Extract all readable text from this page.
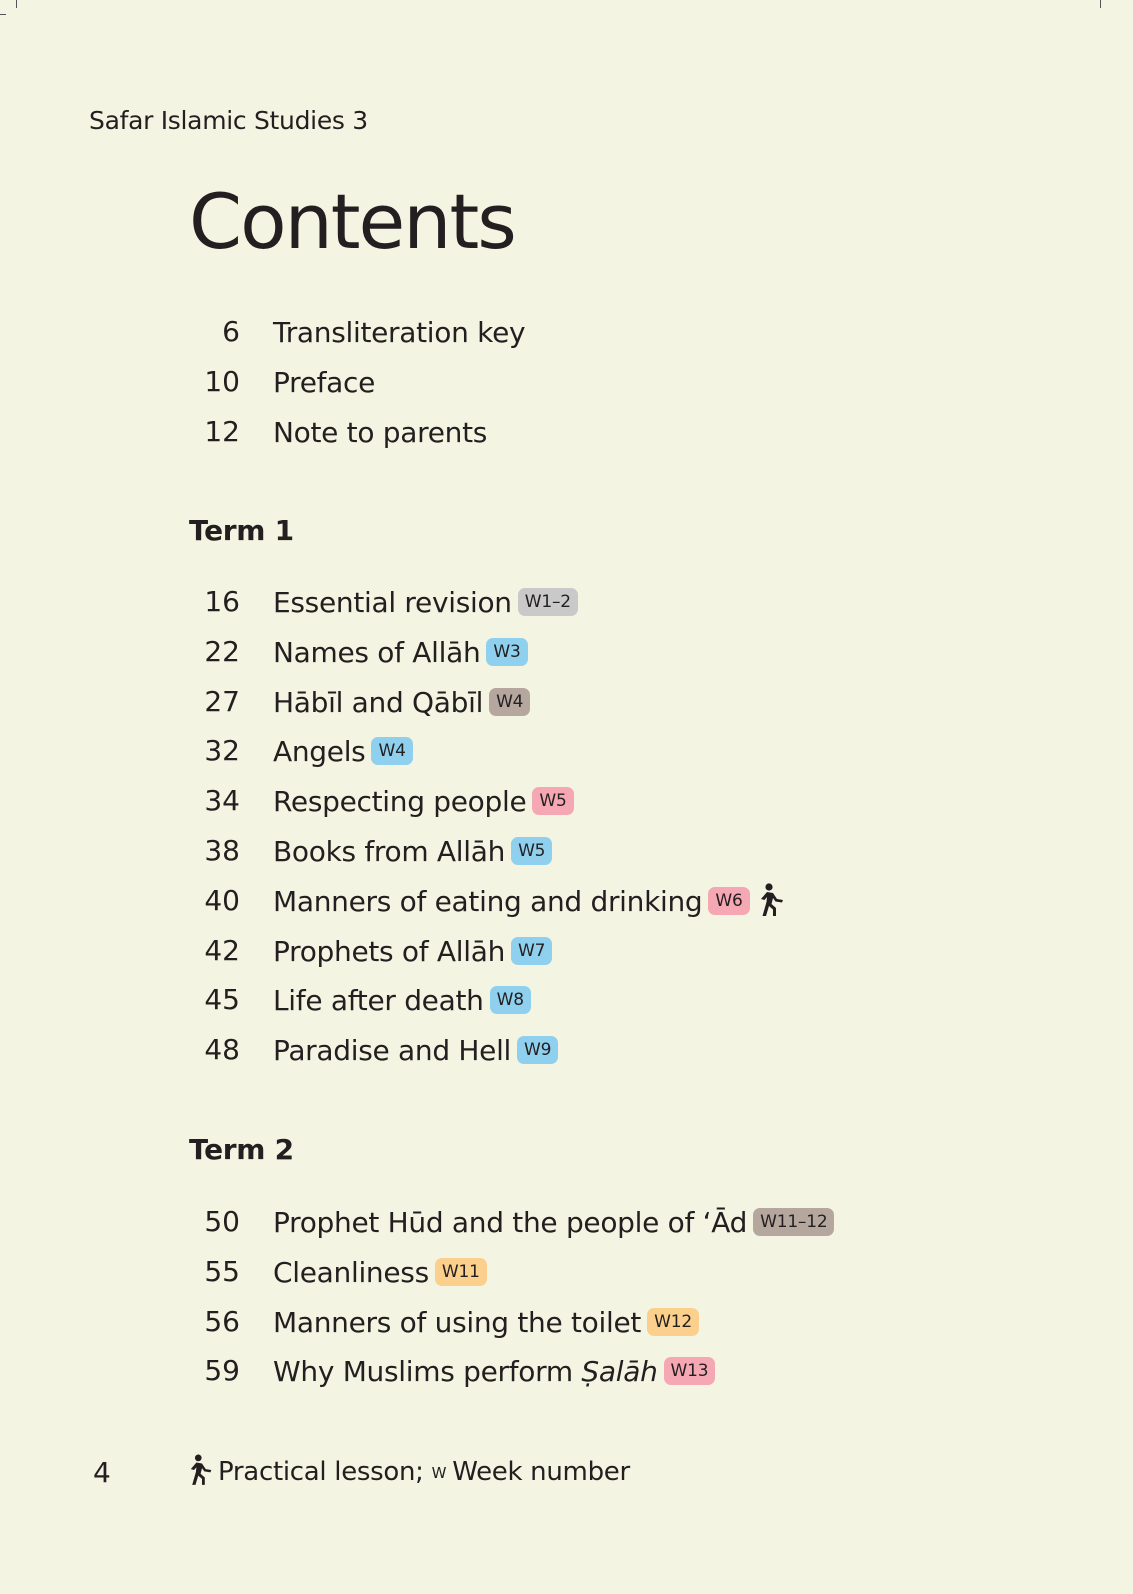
Safar Islamic Studies 3
Contents
6 Transliteration key
10 Preface
12 Note to parents
Term 1
16 Essential revision W1–2
22 Names of Allāh W3
27 Hābīl and Qābīl W4
32 Angels W4
34 Respecting people W5
38 Books from Allāh W5
40 Manners of eating and drinking W6
42 Prophets of Allāh W7
45 Life after death W8
48 Paradise and Hell W9
Term 2
50 Prophet Hūd and the people of ‘Ād W11–12
55 Cleanliness W11
56 Manners of using the toilet W12
59 Why Muslims perform Ṣalāh W13
4	Practical lesson; W Week number
